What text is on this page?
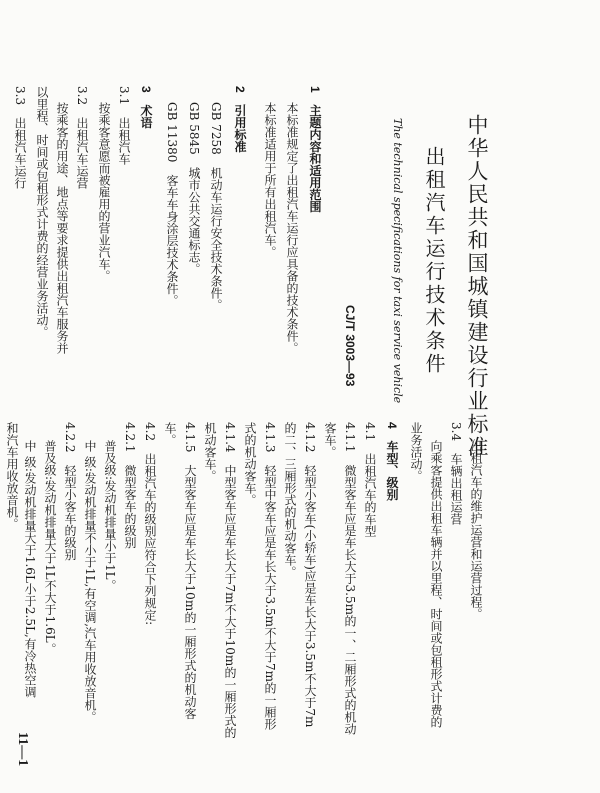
中华人民共和国城镇建设行业标准
出租汽车运行技术条件
The technical specifications for taxi service vehicle
CJ/T 3003—93
1　主题内容和适用范围
本标准规定了出租汽车运行应具备的技术条件。
本标准适用于所有出租汽车。
2　引用标准
GB 7258　机动车运行安全技术条件。
GB 5845　城市公共交通标志。
GB 11380　客车车身涂层技术条件。
3　术语
3.1　出租汽车
按乘客意愿而被雇用的营业汽车。
3.2　出租汽车运营
按乘客的用途、地点等要求提供出租汽车服务并
以里程、时间或包租形式计费的经营业务活动。
3.3　出租汽车运行
出租汽车的维护运营和运营过程。
3.4　车辆出租运营
向乘客提供出租车辆并以里程、时间或包租形式计费的
业务活动。
4　车型、级别
4.1　出租汽车的车型
4.1.1　微型客车应是车长大于3.5m的一、二厢形式的机动
客车。
4.1.2　轻型小客车(小轿车)应是车长大于3.5m不大于7m
的二、三厢形式的机动客车。
4.1.3　轻型中客车应是车长大于3.5m不大于7m的一厢形
式的机动客车。
4.1.4　中型客车应是车长大于7m不大于10m的一厢形式的
机动客车。
4.1.5　大型客车应是车长大于10m的一厢形式的机动客
车。
4.2　出租汽车的级别应符合下列规定:
4.2.1　微型客车的级别
普及级:发动机排量小于1L。
中 级:发动机排量不小于1L,有空调,汽车用收放音机。
4.2.2　轻型小客车的级别
普及级:发动机排量大于1L不大于1.6L。
中 级:发动机排量大于1.6L小于2.5L,有冷热空调
和汽车用收放音机。
11—1
